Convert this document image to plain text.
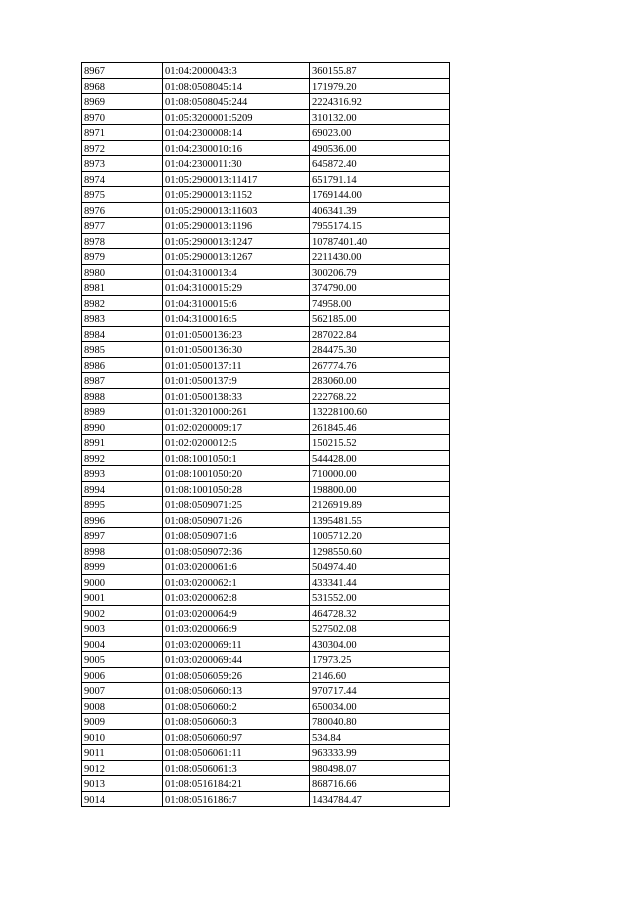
8967	01:04:2000043:3	360155.87
8968	01:08:0508045:14	171979.20
8969	01:08:0508045:244	2224316.92
8970	01:05:3200001:5209	310132.00
8971	01:04:2300008:14	69023.00
8972	01:04:2300010:16	490536.00
8973	01:04:2300011:30	645872.40
8974	01:05:2900013:11417	651791.14
8975	01:05:2900013:1152	1769144.00
8976	01:05:2900013:11603	406341.39
8977	01:05:2900013:1196	7955174.15
8978	01:05:2900013:1247	10787401.40
8979	01:05:2900013:1267	2211430.00
8980	01:04:3100013:4	300206.79
8981	01:04:3100015:29	374790.00
8982	01:04:3100015:6	74958.00
8983	01:04:3100016:5	562185.00
8984	01:01:0500136:23	287022.84
8985	01:01:0500136:30	284475.30
8986	01:01:0500137:11	267774.76
8987	01:01:0500137:9	283060.00
8988	01:01:0500138:33	222768.22
8989	01:01:3201000:261	13228100.60
8990	01:02:0200009:17	261845.46
8991	01:02:0200012:5	150215.52
8992	01:08:1001050:1	544428.00
8993	01:08:1001050:20	710000.00
8994	01:08:1001050:28	198800.00
8995	01:08:0509071:25	2126919.89
8996	01:08:0509071:26	1395481.55
8997	01:08:0509071:6	1005712.20
8998	01:08:0509072:36	1298550.60
8999	01:03:0200061:6	504974.40
9000	01:03:0200062:1	433341.44
9001	01:03:0200062:8	531552.00
9002	01:03:0200064:9	464728.32
9003	01:03:0200066:9	527502.08
9004	01:03:0200069:11	430304.00
9005	01:03:0200069:44	17973.25
9006	01:08:0506059:26	2146.60
9007	01:08:0506060:13	970717.44
9008	01:08:0506060:2	650034.00
9009	01:08:0506060:3	780040.80
9010	01:08:0506060:97	534.84
9011	01:08:0506061:11	963333.99
9012	01:08:0506061:3	980498.07
9013	01:08:0516184:21	868716.66
9014	01:08:0516186:7	1434784.47
